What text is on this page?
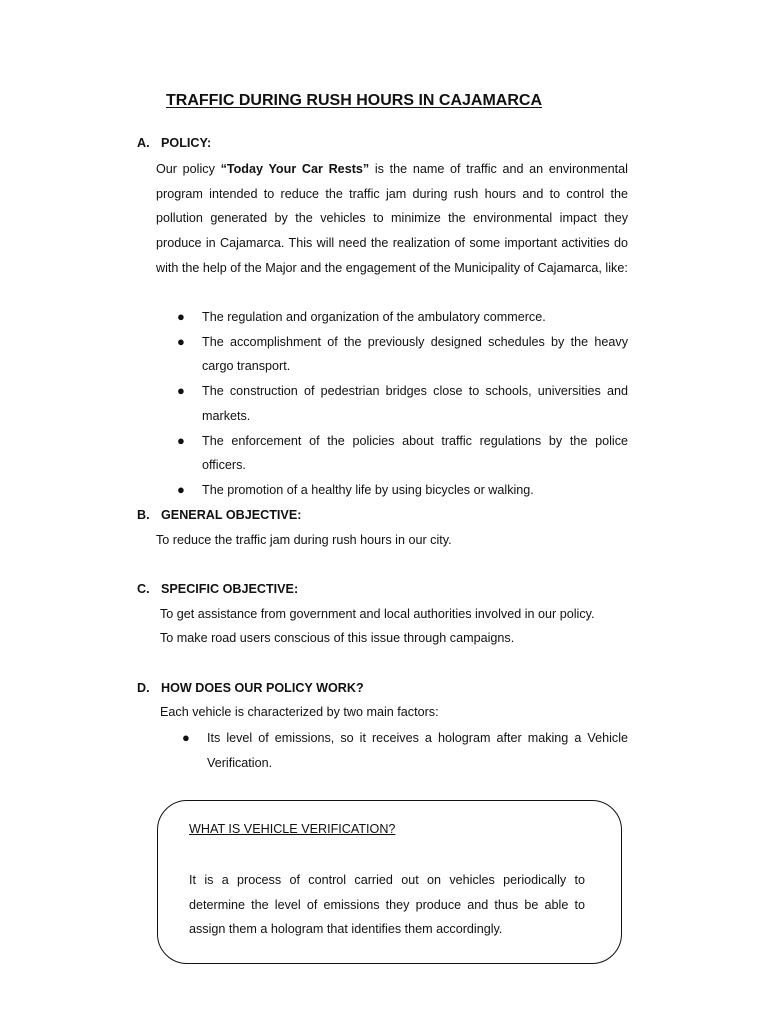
TRAFFIC DURING RUSH HOURS IN CAJAMARCA
A. POLICY:
Our policy “Today Your Car Rests” is the name of traffic and an environmental program intended to reduce the traffic jam during rush hours and to control the pollution generated by the vehicles to minimize the environmental impact they produce in Cajamarca. This will need the realization of some important activities do with the help of the Major and the engagement of the Municipality of Cajamarca, like:
● The regulation and organization of the ambulatory commerce.
● The accomplishment of the previously designed schedules by the heavy cargo transport.
● The construction of pedestrian bridges close to schools, universities and markets.
● The enforcement of the policies about traffic regulations by the police officers.
● The promotion of a healthy life by using bicycles or walking.
B. GENERAL OBJECTIVE:
To reduce the traffic jam during rush hours in our city.
C. SPECIFIC OBJECTIVE:
To get assistance from government and local authorities involved in our policy.
To make road users conscious of this issue through campaigns.
D. HOW DOES OUR POLICY WORK?
Each vehicle is characterized by two main factors:
● Its level of emissions, so it receives a hologram after making a Vehicle Verification.
WHAT IS VEHICLE VERIFICATION?
It is a process of control carried out on vehicles periodically to determine the level of emissions they produce and thus be able to assign them a hologram that identifies them accordingly.
